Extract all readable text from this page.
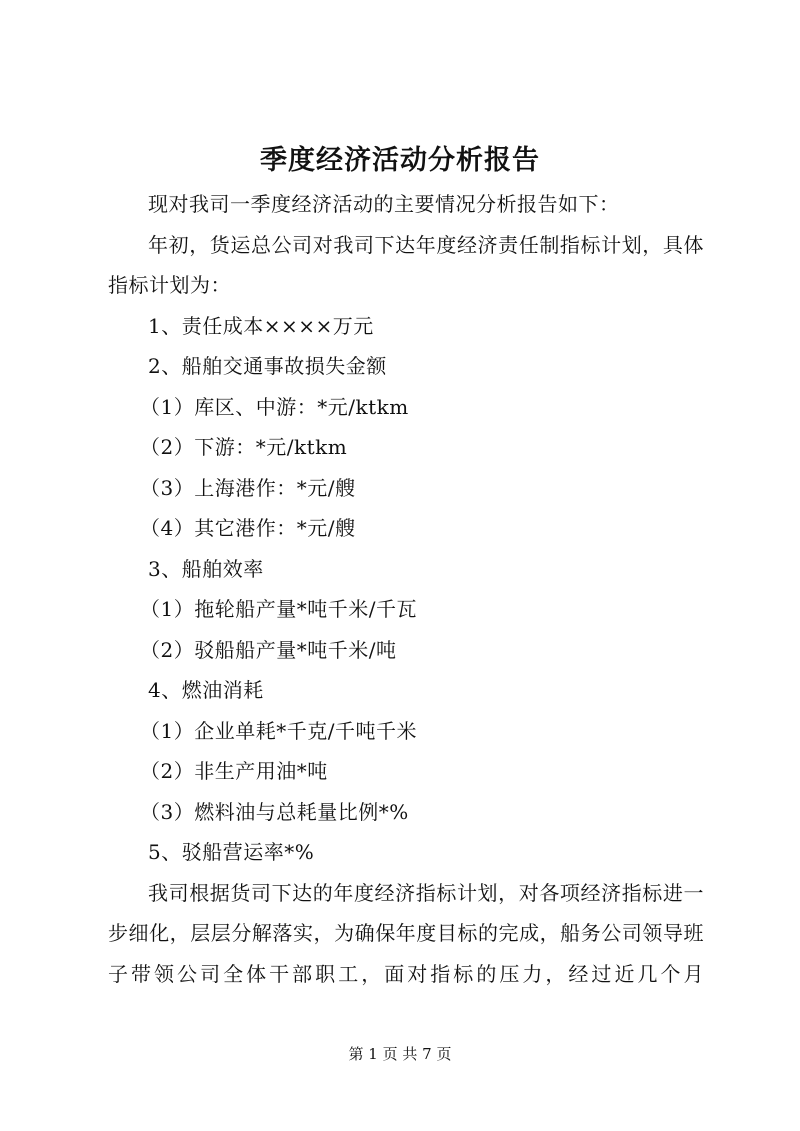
季度经济活动分析报告

现对我司一季度经济活动的主要情况分析报告如下：

年初，货运总公司对我司下达年度经济责任制指标计划，具体指标计划为：

1、责任成本××××万元

2、船舶交通事故损失金额

（1）库区、中游：*元/ktkm

（2）下游：*元/ktkm

（3）上海港作：*元/艘

（4）其它港作：*元/艘

3、船舶效率

（1）拖轮船产量*吨千米/千瓦

（2）驳船船产量*吨千米/吨

4、燃油消耗

（1）企业单耗*千克/千吨千米

（2）非生产用油*吨

（3）燃料油与总耗量比例*%

5、驳船营运率*%

我司根据货司下达的年度经济指标计划，对各项经济指标进一步细化，层层分解落实，为确保年度目标的完成，船务公司领导班子带领公司全体干部职工，面对指标的压力，经过近几个月

第 1 页 共 7 页
